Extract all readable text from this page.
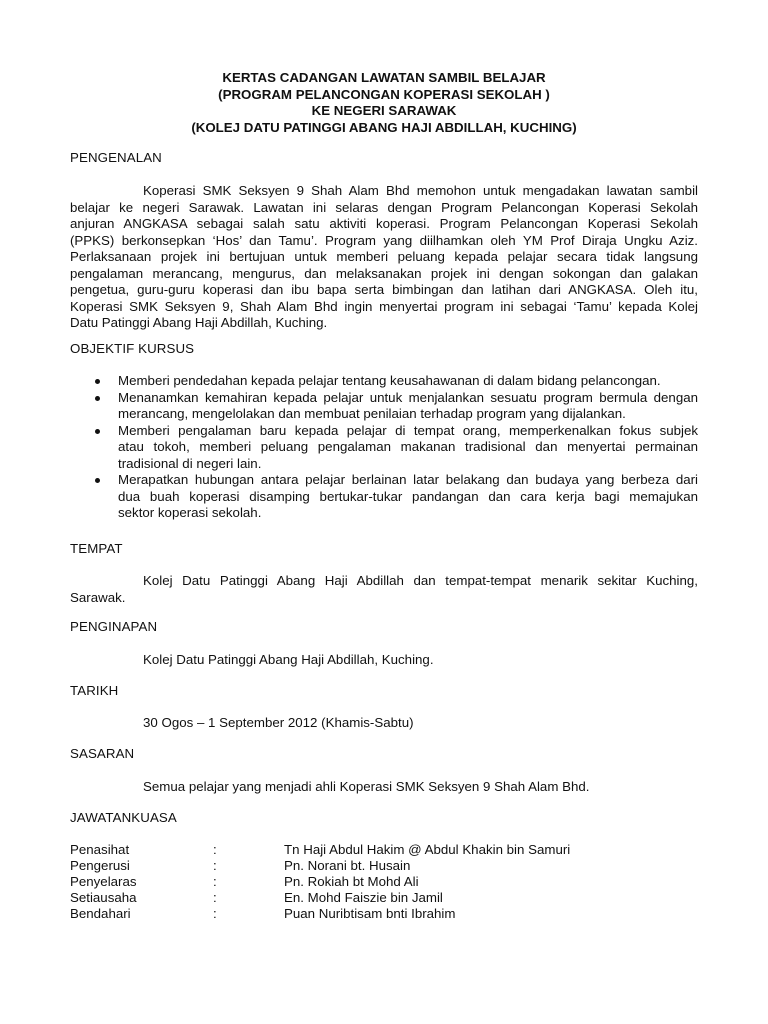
KERTAS CADANGAN LAWATAN SAMBIL BELAJAR
(PROGRAM PELANCONGAN KOPERASI SEKOLAH )
KE NEGERI SARAWAK
(KOLEJ DATU PATINGGI ABANG HAJI ABDILLAH, KUCHING)
PENGENALAN
Koperasi SMK Seksyen 9 Shah Alam Bhd memohon untuk mengadakan lawatan sambil
belajar ke negeri Sarawak. Lawatan ini selaras dengan Program Pelancongan Koperasi Sekolah
anjuran ANGKASA sebagai salah satu aktiviti koperasi. Program Pelancongan Koperasi Sekolah
(PPKS) berkonsepkan ‘Hos’ dan Tamu’. Program yang diilhamkan oleh YM Prof Diraja Ungku Aziz.
Perlaksanaan projek ini bertujuan untuk memberi peluang kepada pelajar secara tidak langsung
pengalaman merancang, mengurus, dan melaksanakan projek ini dengan sokongan dan galakan
pengetua, guru-guru koperasi dan ibu bapa serta bimbingan dan latihan dari ANGKASA. Oleh itu,
Koperasi SMK Seksyen 9, Shah Alam Bhd ingin menyertai program ini sebagai ‘Tamu’ kepada Kolej
Datu Patinggi Abang Haji Abdillah, Kuching.
OBJEKTIF KURSUS
Memberi pendedahan kepada pelajar tentang keusahawanan di dalam bidang pelancongan.
Menanamkan kemahiran kepada pelajar untuk menjalankan sesuatu program bermula dengan
merancang, mengelolakan dan membuat penilaian terhadap program yang dijalankan.
Memberi pengalaman baru kepada pelajar di tempat orang, memperkenalkan fokus subjek
atau tokoh, memberi peluang pengalaman makanan tradisional dan menyertai permainan
tradisional di negeri lain.
Merapatkan hubungan antara pelajar berlainan latar belakang dan budaya yang berbeza dari
dua buah koperasi disamping bertukar-tukar pandangan dan cara kerja bagi memajukan
sektor koperasi sekolah.
TEMPAT
Kolej Datu Patinggi Abang Haji Abdillah dan tempat-tempat menarik sekitar Kuching,
Sarawak.
PENGINAPAN
Kolej Datu Patinggi Abang Haji Abdillah, Kuching.
TARIKH
30 Ogos – 1 September 2012 (Khamis-Sabtu)
SASARAN
Semua pelajar yang menjadi ahli Koperasi SMK Seksyen 9 Shah Alam Bhd.
JAWATANKUASA
Penasihat	:	Tn Haji Abdul Hakim @ Abdul Khakin bin Samuri
Pengerusi	:	Pn. Norani bt. Husain
Penyelaras	:	Pn. Rokiah bt Mohd Ali
Setiausaha	:	En. Mohd Faiszie bin Jamil
Bendahari	:	Puan Nuribtisam bnti Ibrahim
